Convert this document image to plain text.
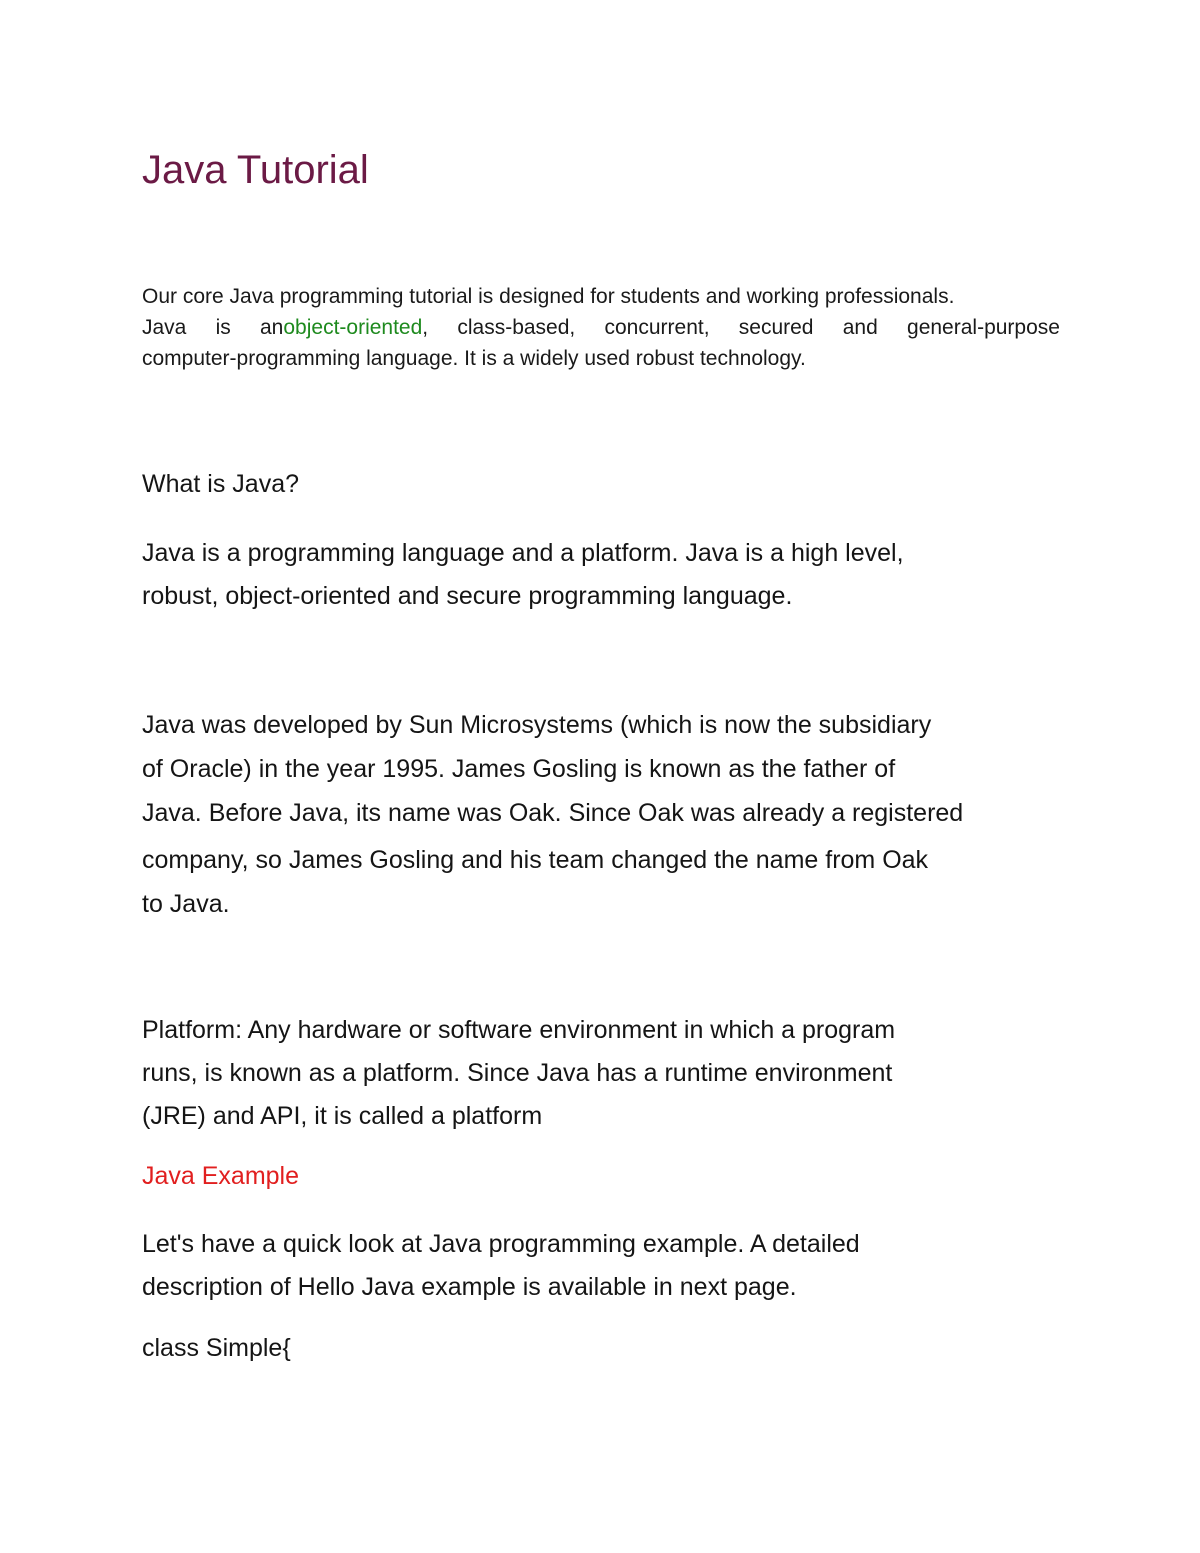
Java Tutorial
Our core Java programming tutorial is designed for students and working professionals.
Java is anobject-oriented, class-based, concurrent, secured and general-purpose
computer-programming language. It is a widely used robust technology.
What is Java?
Java is a programming language and a platform. Java is a high level,
robust, object-oriented and secure programming language.
Java was developed by Sun Microsystems (which is now the subsidiary
of Oracle) in the year 1995. James Gosling is known as the father of
Java. Before Java, its name was Oak. Since Oak was already a registered
company, so James Gosling and his team changed the name from Oak
to Java.
Platform: Any hardware or software environment in which a program
runs, is known as a platform. Since Java has a runtime environment
(JRE) and API, it is called a platform
Java Example
Let's have a quick look at Java programming example. A detailed
description of Hello Java example is available in next page.
class Simple{
